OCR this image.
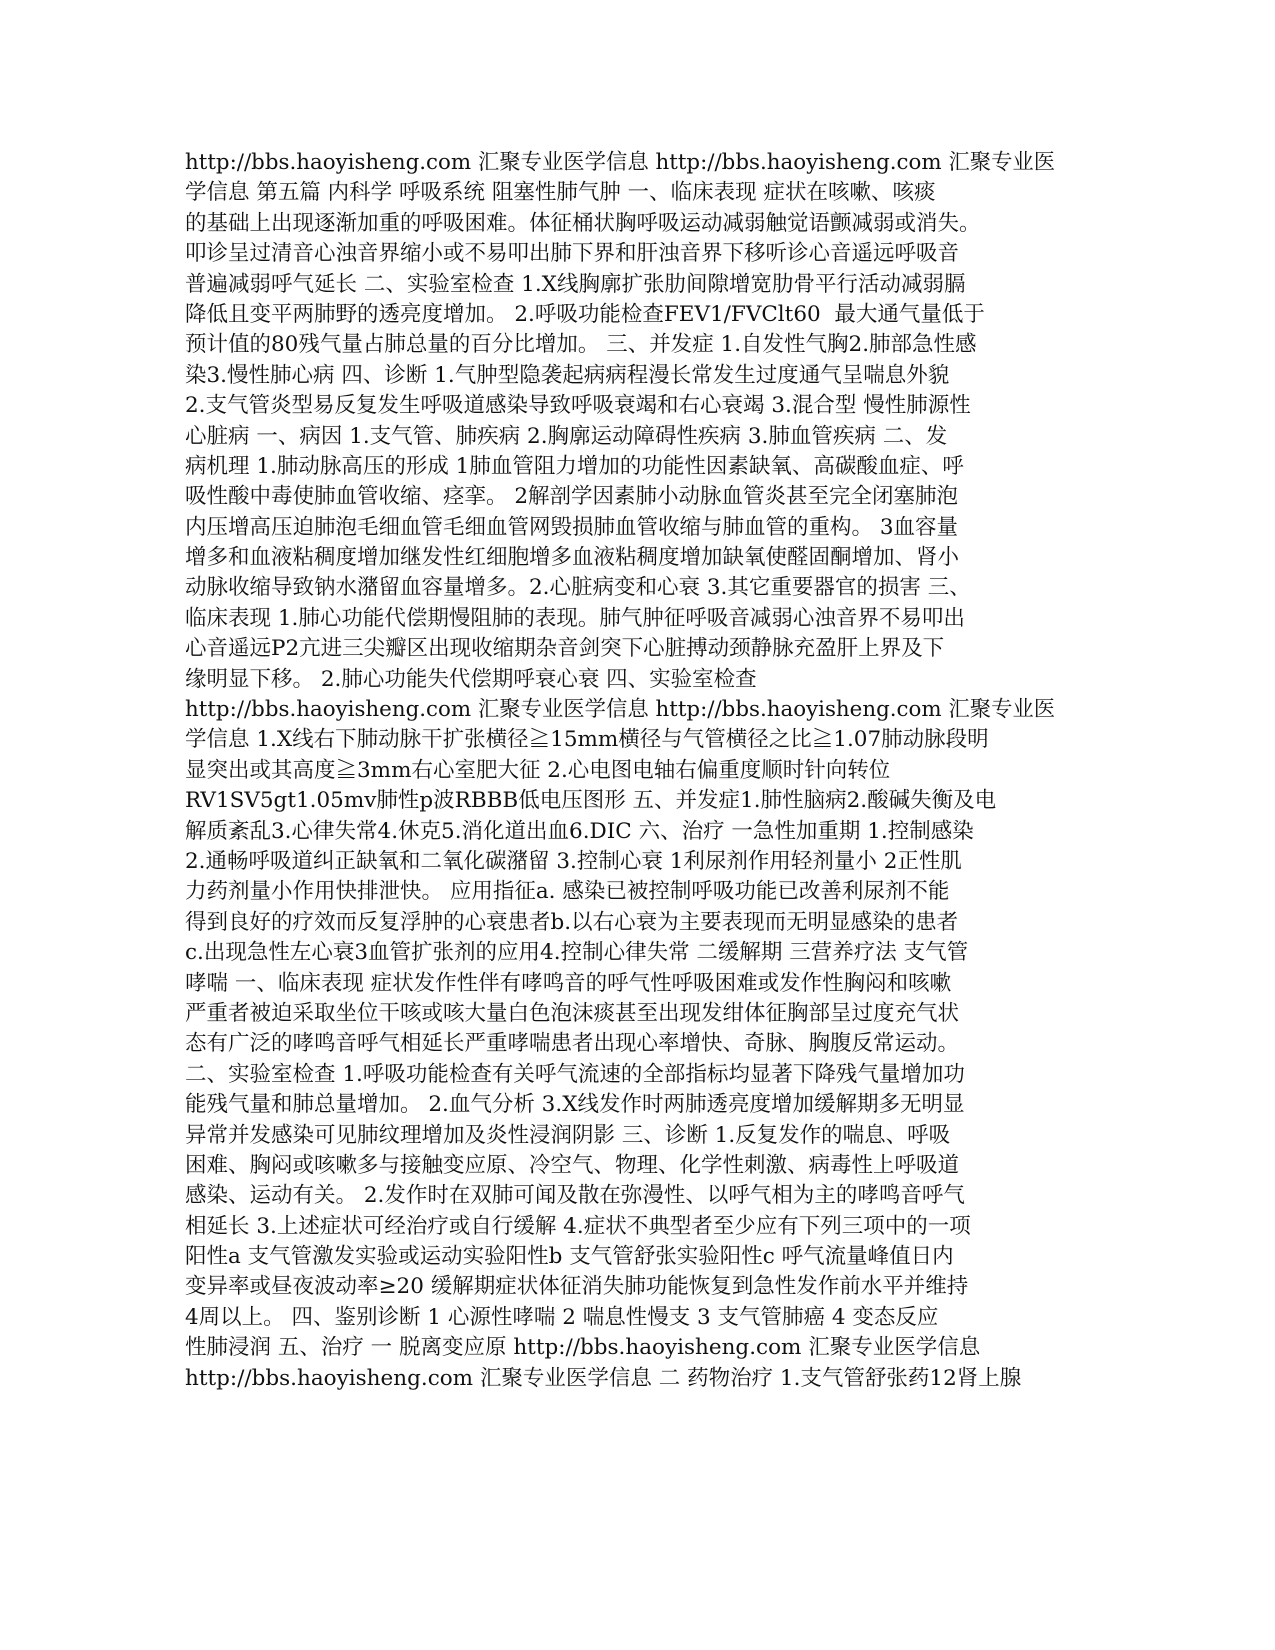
http://bbs.haoyisheng.com 汇聚专业医学信息 http://bbs.haoyisheng.com 汇聚专业医
学信息 第五篇 内科学 呼吸系统 阻塞性肺气肿 一、临床表现 症状在咳嗽、咳痰
的基础上出现逐渐加重的呼吸困难。体征桶状胸呼吸运动减弱触觉语颤减弱或消失。
叩诊呈过清音心浊音界缩小或不易叩出肺下界和肝浊音界下移听诊心音遥远呼吸音
普遍减弱呼气延长 二、实验室检查 1.X线胸廓扩张肋间隙增宽肋骨平行活动减弱膈
降低且变平两肺野的透亮度增加。 2.呼吸功能检查FEV1/FVClt60  最大通气量低于
预计值的80残气量占肺总量的百分比增加。 三、并发症 1.自发性气胸2.肺部急性感
染3.慢性肺心病 四、诊断 1.气肿型隐袭起病病程漫长常发生过度通气呈喘息外貌
2.支气管炎型易反复发生呼吸道感染导致呼吸衰竭和右心衰竭 3.混合型 慢性肺源性
心脏病 一、病因 1.支气管、肺疾病 2.胸廓运动障碍性疾病 3.肺血管疾病 二、发
病机理 1.肺动脉高压的形成 1肺血管阻力增加的功能性因素缺氧、高碳酸血症、呼
吸性酸中毒使肺血管收缩、痉挛。 2解剖学因素肺小动脉血管炎甚至完全闭塞肺泡
内压增高压迫肺泡毛细血管毛细血管网毁损肺血管收缩与肺血管的重构。 3血容量
增多和血液粘稠度增加继发性红细胞增多血液粘稠度增加缺氧使醛固酮增加、肾小
动脉收缩导致钠水潴留血容量增多。2.心脏病变和心衰 3.其它重要器官的损害 三、
临床表现 1.肺心功能代偿期慢阻肺的表现。肺气肿征呼吸音减弱心浊音界不易叩出
心音遥远P2亢进三尖瓣区出现收缩期杂音剑突下心脏搏动颈静脉充盈肝上界及下
缘明显下移。 2.肺心功能失代偿期呼衰心衰 四、实验室检查
http://bbs.haoyisheng.com 汇聚专业医学信息 http://bbs.haoyisheng.com 汇聚专业医
学信息 1.X线右下肺动脉干扩张横径≧15mm横径与气管横径之比≧1.07肺动脉段明
显突出或其高度≧3mm右心室肥大征 2.心电图电轴右偏重度顺时针向转位
RV1SV5gt1.05mv肺性p波RBBB低电压图形 五、并发症1.肺性脑病2.酸碱失衡及电
解质紊乱3.心律失常4.休克5.消化道出血6.DIC 六、治疗 一急性加重期 1.控制感染
2.通畅呼吸道纠正缺氧和二氧化碳潴留 3.控制心衰 1利尿剂作用轻剂量小 2正性肌
力药剂量小作用快排泄快。 应用指征a. 感染已被控制呼吸功能已改善利尿剂不能
得到良好的疗效而反复浮肿的心衰患者b.以右心衰为主要表现而无明显感染的患者
c.出现急性左心衰3血管扩张剂的应用4.控制心律失常 二缓解期 三营养疗法 支气管
哮喘 一、临床表现 症状发作性伴有哮鸣音的呼气性呼吸困难或发作性胸闷和咳嗽
严重者被迫采取坐位干咳或咳大量白色泡沫痰甚至出现发绀体征胸部呈过度充气状
态有广泛的哮鸣音呼气相延长严重哮喘患者出现心率增快、奇脉、胸腹反常运动。
二、实验室检查 1.呼吸功能检查有关呼气流速的全部指标均显著下降残气量增加功
能残气量和肺总量增加。 2.血气分析 3.X线发作时两肺透亮度增加缓解期多无明显
异常并发感染可见肺纹理增加及炎性浸润阴影 三、诊断 1.反复发作的喘息、呼吸
困难、胸闷或咳嗽多与接触变应原、冷空气、物理、化学性刺激、病毒性上呼吸道
感染、运动有关。 2.发作时在双肺可闻及散在弥漫性、以呼气相为主的哮鸣音呼气
相延长 3.上述症状可经治疗或自行缓解 4.症状不典型者至少应有下列三项中的一项
阳性a 支气管激发实验或运动实验阳性b 支气管舒张实验阳性c 呼气流量峰值日内
变异率或昼夜波动率≥20 缓解期症状体征消失肺功能恢复到急性发作前水平并维持
4周以上。 四、鉴别诊断 1 心源性哮喘 2 喘息性慢支 3 支气管肺癌 4 变态反应
性肺浸润 五、治疗 一 脱离变应原 http://bbs.haoyisheng.com 汇聚专业医学信息
http://bbs.haoyisheng.com 汇聚专业医学信息 二 药物治疗 1.支气管舒张药12肾上腺
